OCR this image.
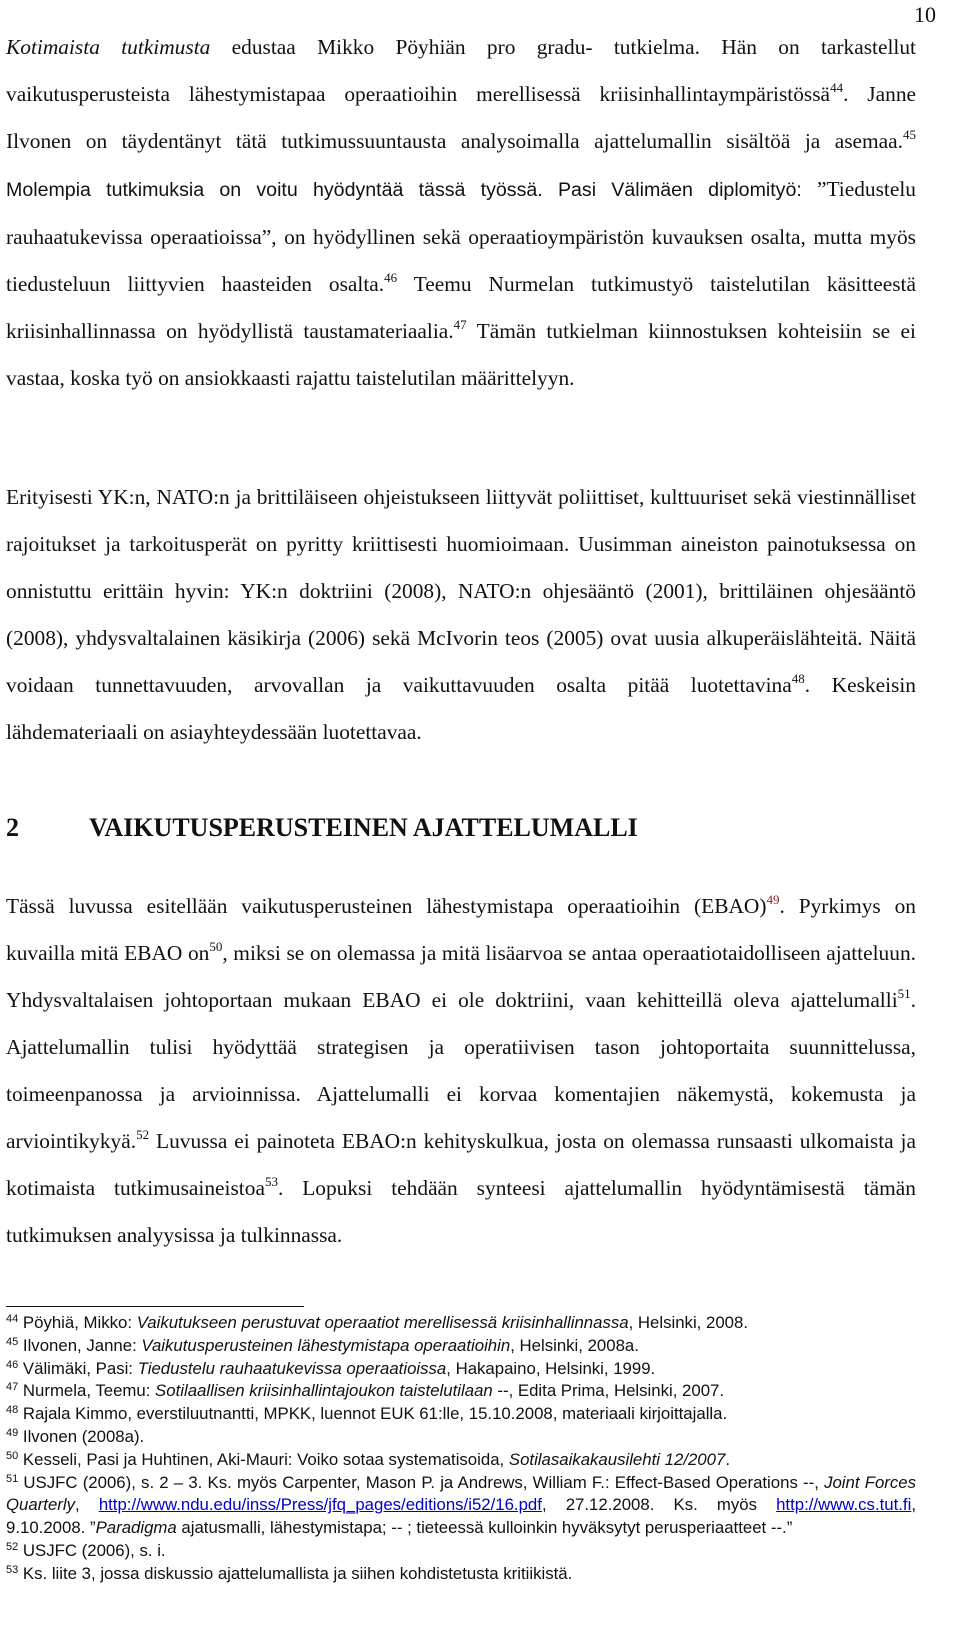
10

Kotimaista tutkimusta edustaa Mikko Pöyhiän pro gradu- tutkielma. Hän on tarkastellut vaikutusperusteista lähestymistapaa operaatioihin merellisessä kriisinhallintaympäristössä$^{44}$. Janne Ilvonen on täydentänyt tätä tutkimussuuntausta analysoimalla ajattelumallin sisältöä ja asemaa.$^{45}$ Molempia tutkimuksia on voitu hyödyntää tässä työssä. Pasi Välimäen diplomityö: ”Tiedustelu rauhaatukevissa operaatioissa”, on hyödyllinen sekä operaatioympäristön kuvauksen osalta, mutta myös tiedusteluun liittyvien haasteiden osalta.$^{46}$ Teemu Nurmelan tutkimustyö taistelutilan käsitteestä kriisinhallinnassa on hyödyllistä taustamateriaalia.$^{47}$ Tämän tutkielman kiinnostuksen kohteisiin se ei vastaa, koska työ on ansiokkaasti rajattu taistelutilan määrittelyyn.

Erityisesti YK:n, NATO:n ja brittiläiseen ohjeistukseen liittyvät poliittiset, kulttuuriset sekä viestinnälliset rajoitukset ja tarkoitusperät on pyritty kriittisesti huomioimaan. Uusimman aineiston painotuksessa on onnistuttu erittäin hyvin: YK:n doktriini (2008), NATO:n ohjesääntö (2001), brittiläinen ohjesääntö (2008), yhdysvaltalainen käsikirja (2006) sekä McIvorin teos (2005) ovat uusia alkuperäislähteitä. Näitä voidaan tunnettavuuden, arvovallan ja vaikuttavuuden osalta pitää luotettavina$^{48}$. Keskeisin lähdemateriaali on asiayhteydessään luotettavaa.

2	VAIKUTUSPERUSTEINEN AJATTELUMALLI

Tässä luvussa esitellään vaikutusperusteinen lähestymistapa operaatioihin (EBAO)$^{49}$. Pyrkimys on kuvailla mitä EBAO $on^{50}$, miksi se on olemassa ja mitä lisäarvoa se antaa operaatiotaidolliseen ajatteluun. Yhdysvaltalaisen johtoportaan mukaan EBAO ei ole doktriini, vaan kehitteillä oleva ajattelumalli$^{51}$. Ajattelumallin tulisi hyödyttää strategisen ja operatiivisen tason johtoportaita suunnittelussa, toimeenpanossa ja arvioinnissa. Ajattelumalli ei korvaa komentajien näkemystä, kokemusta ja arviointikykyä.$^{52}$ Luvussa ei painoteta EBAO:n kehityskulkua, josta on olemassa runsaasti ulkomaista ja kotimaista tutkimusaineistoa$^{53}$. Lopuksi tehdään synteesi ajattelumallin hyödyntämisestä tämän tutkimuksen analyysissa ja tulkinnassa.

$^{44}$ Pöyhiä, Mikko: Vaikutukseen perustuvat operaatiot merellisessä kriisinhallinnassa, Helsinki, 2008.
$^{45}$ Ilvonen, Janne: Vaikutusperusteinen lähestymistapa operaatioihin, Helsinki, 2008a.
$^{46}$ Välimäki, Pasi: Tiedustelu rauhaatukevissa operaatioissa, Hakapaino, Helsinki, 1999.
$^{47}$ Nurmela, Teemu: Sotilaallisen kriisinhallintajoukon taistelutilaan --, Edita Prima, Helsinki, 2007.
$^{48}$ Rajala Kimmo, everstiluutnantti, MPKK, luennot EUK 61:lle, 15.10.2008, materiaali kirjoittajalla.
$^{49}$ Ilvonen (2008a).
$^{50}$ Kesseli, Pasi ja Huhtinen, Aki-Mauri: Voiko sotaa systematisoida, Sotilasaikakausilehti 12/2007.
$^{51}$ USJFC (2006), s. 2 – 3. Ks. myös Carpenter, Mason P. ja Andrews, William F.: Effect-Based Operations --, Joint Forces Quarterly, http://www.ndu.edu/inss/Press/jfq_pages/editions/i52/16.pdf, 27.12.2008. Ks. myös http://www.cs.tut.fi, 9.10.2008. ”Paradigma ajatusmalli, lähestymistapa; -- ; tieteessä kulloinkin hyväksytyt perusperiaatteet --.”
$^{52}$ USJFC (2006), s. i.
$^{53}$ Ks. liite 3, jossa diskussio ajattelumallista ja siihen kohdistetusta kritiikistä.
